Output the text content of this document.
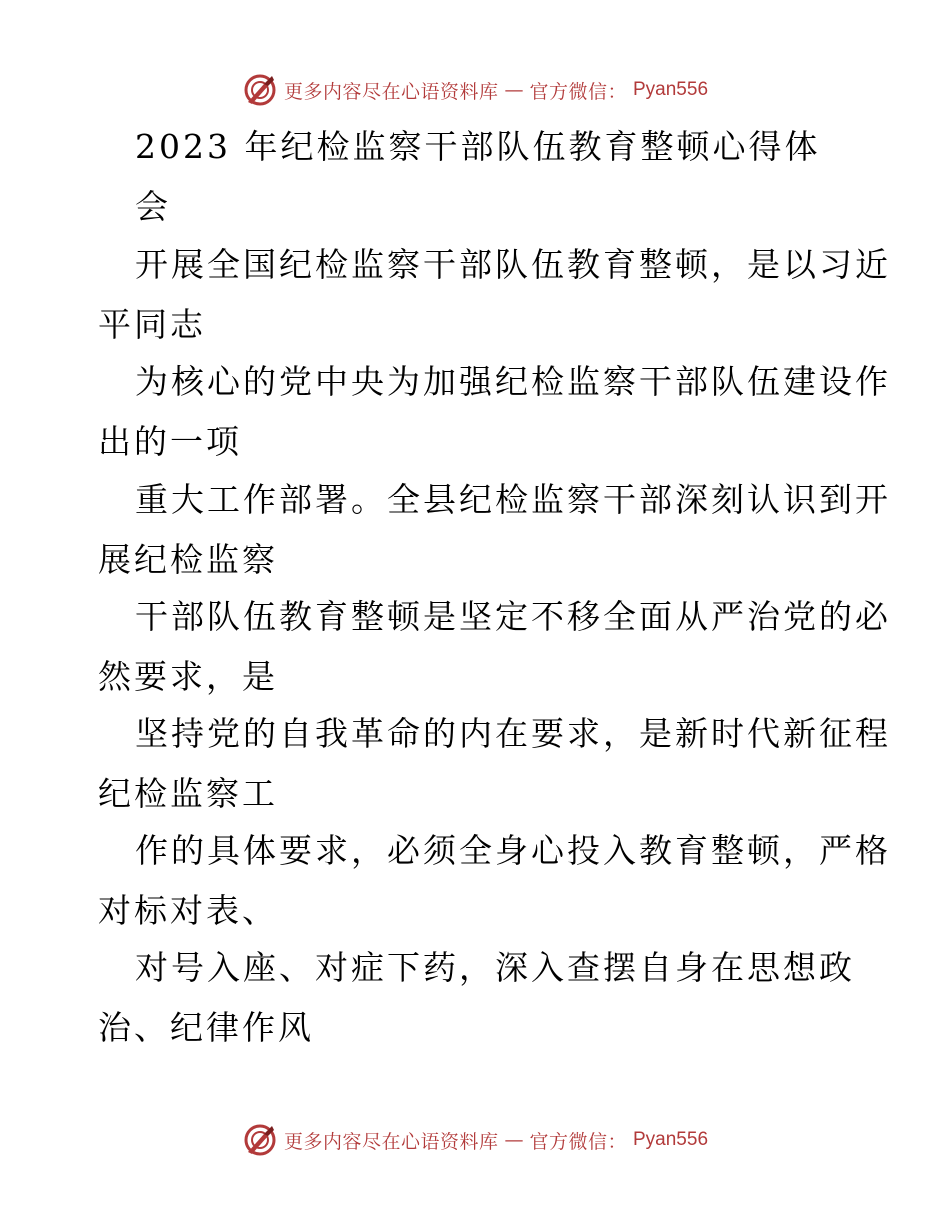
更多内容尽在心语资料库 — 官方微信： Pyan556
2023 年纪检监察干部队伍教育整顿心得体
会
开展全国纪检监察干部队伍教育整顿，是以习近
平同志
为核心的党中央为加强纪检监察干部队伍建设作
出的一项
重大工作部署。全县纪检监察干部深刻认识到开
展纪检监察
干部队伍教育整顿是坚定不移全面从严治党的必
然要求，是
坚持党的自我革命的内在要求，是新时代新征程
纪检监察工
作的具体要求，必须全身心投入教育整顿，严格
对标对表、
对号入座、对症下药，深入查摆自身在思想政
治、纪律作风
更多内容尽在心语资料库 — 官方微信： Pyan556
